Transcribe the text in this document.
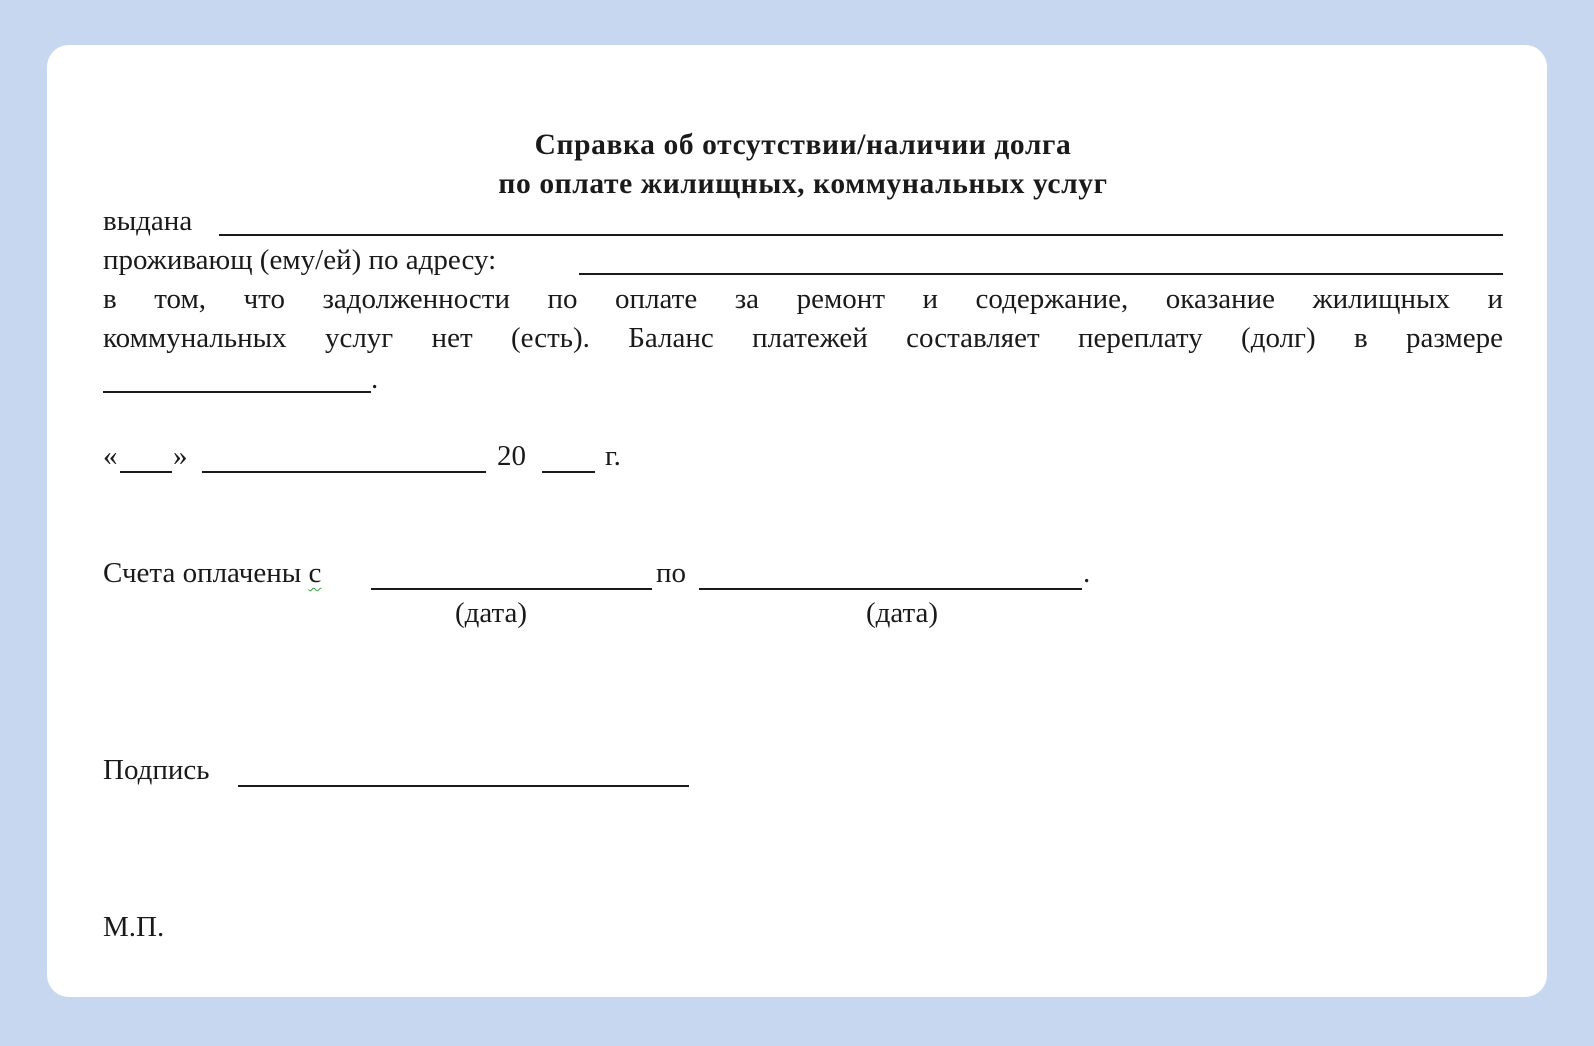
Справка об отсутствии/наличии долга
по оплате жилищных, коммунальных услуг
выдана
проживающ (ему/ей) по адресу:
в том, что задолженности по оплате за ремонт и содержание, оказание жилищных и
коммунальных услуг нет (есть). Баланс платежей составляет переплату (долг) в размере
.
« »	20	г.
Счета оплачены с	по	.
(дата)	(дата)
Подпись
М.П.
